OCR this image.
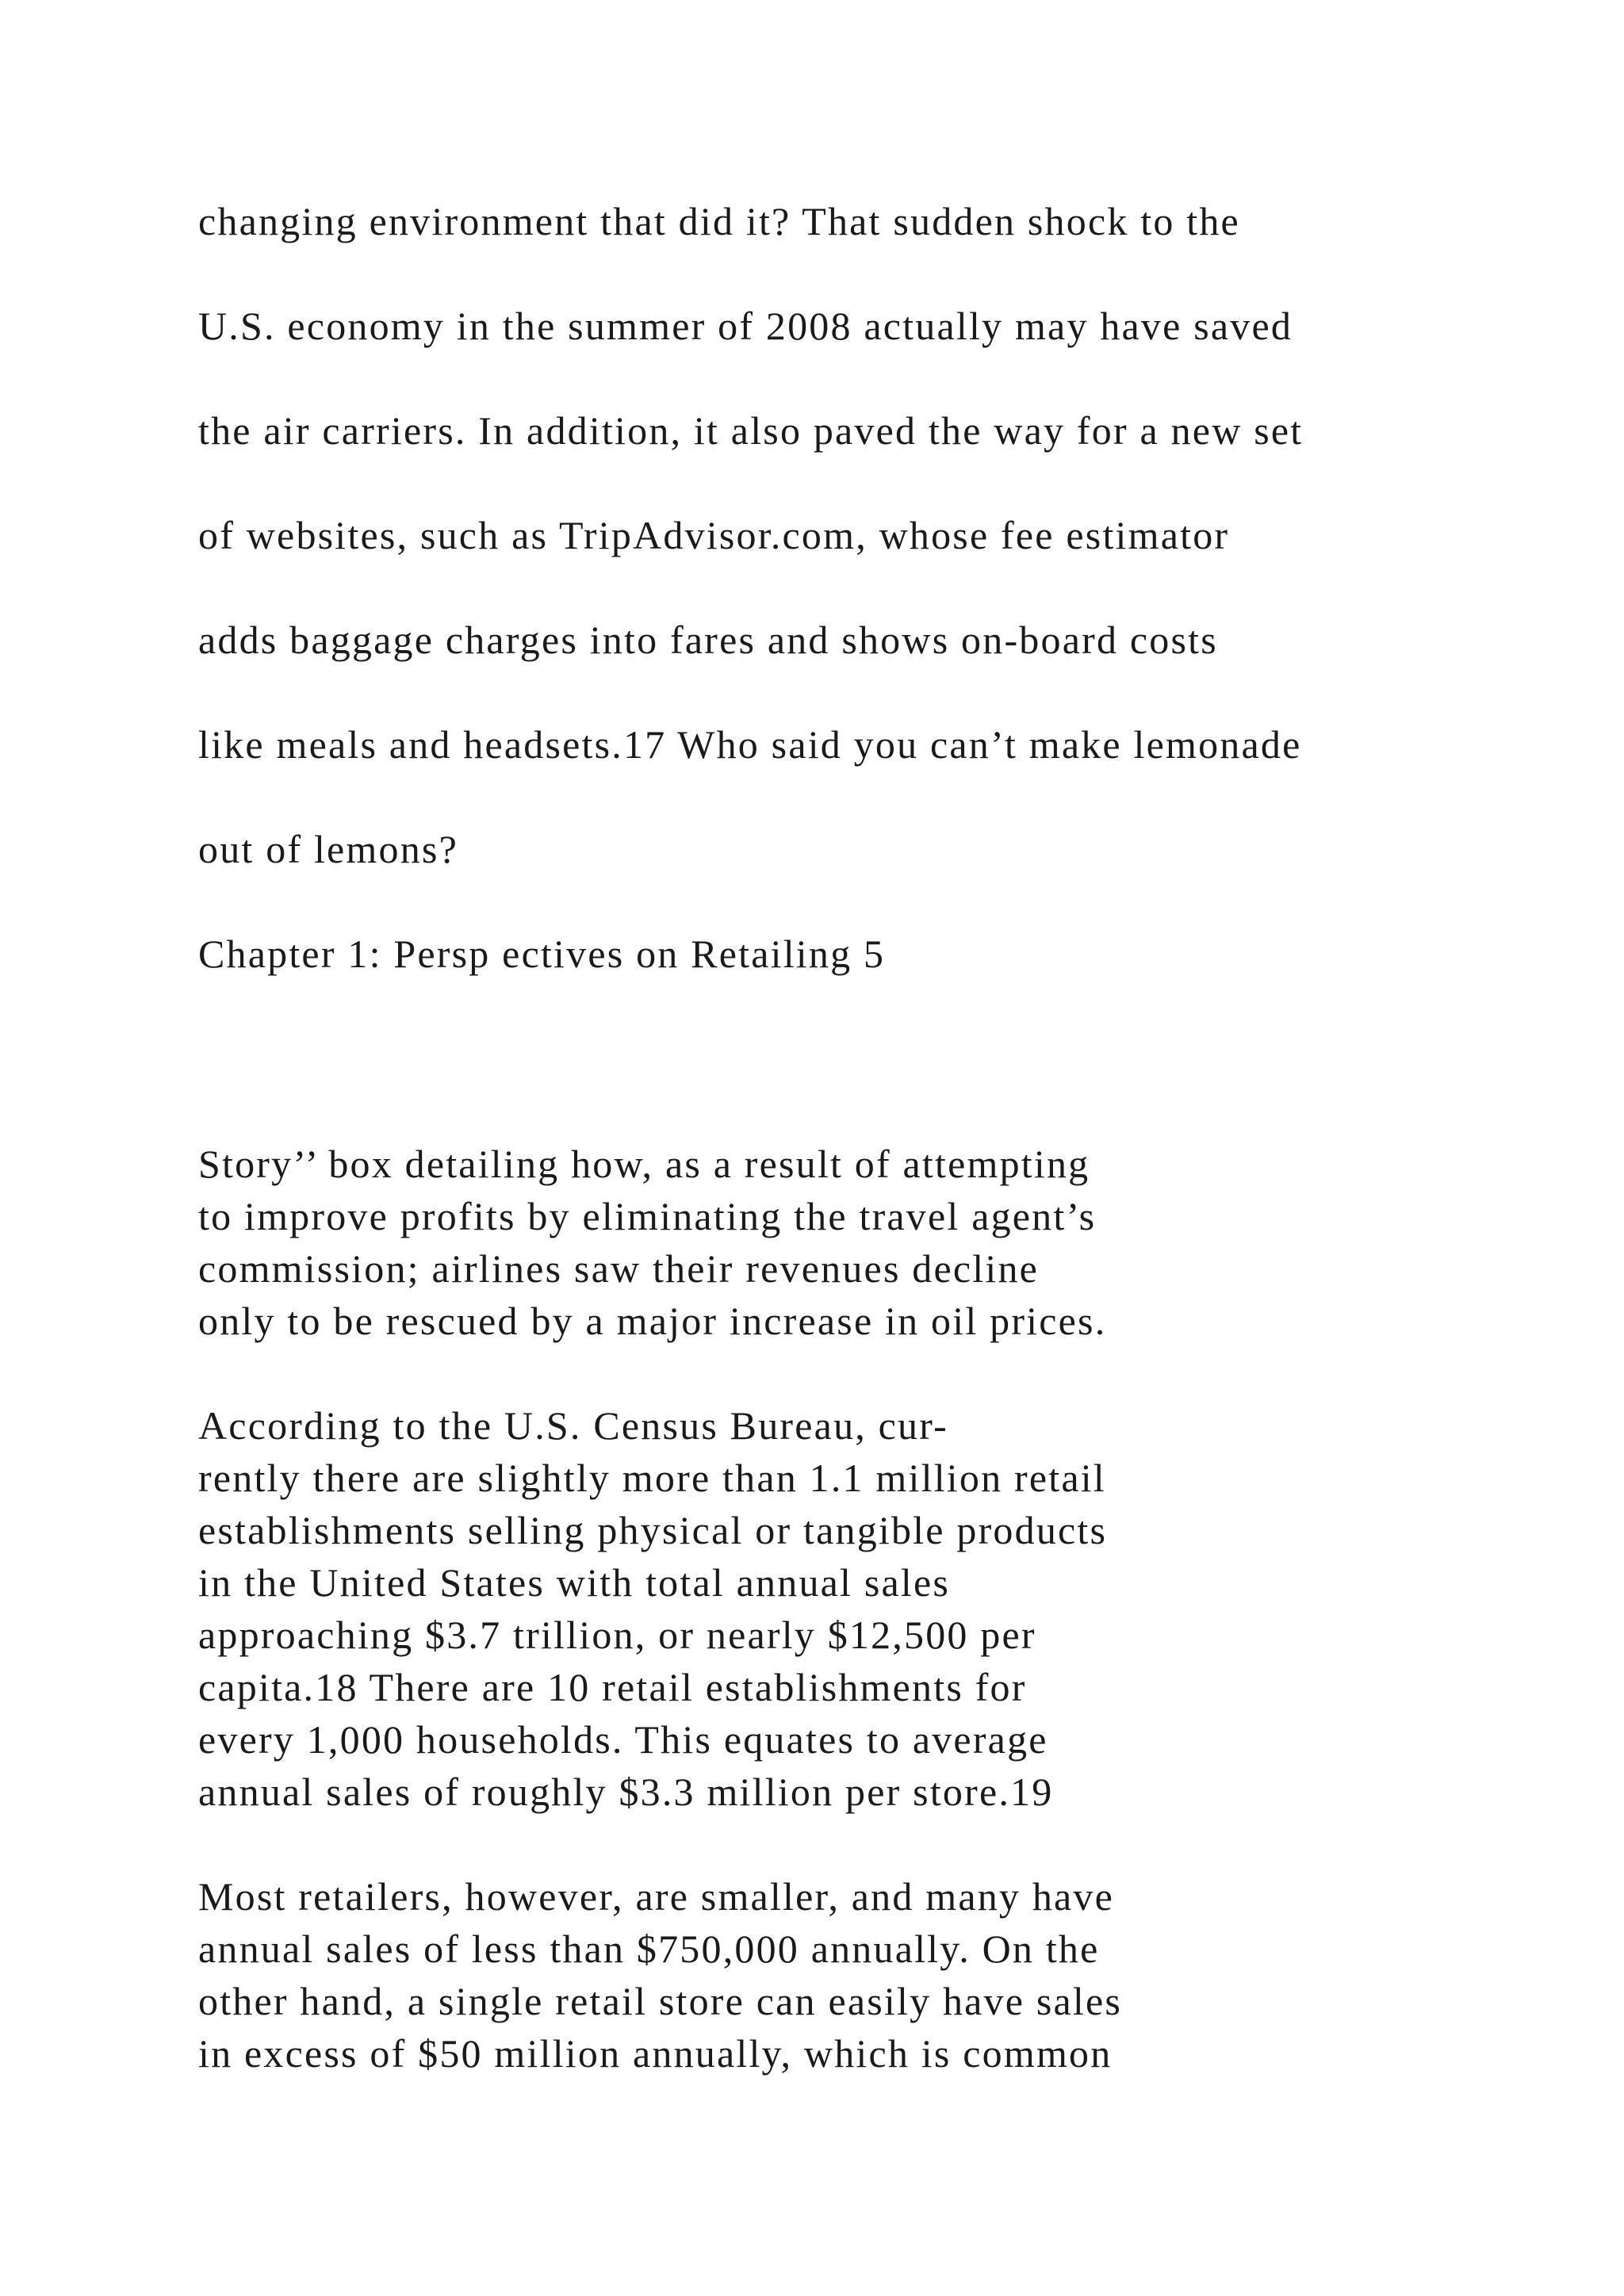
changing environment that did it? That sudden shock to the
U.S. economy in the summer of 2008 actually may have saved
the air carriers. In addition, it also paved the way for a new set
of websites, such as TripAdvisor.com, whose fee estimator
adds baggage charges into fares and shows on-board costs
like meals and headsets.17 Who said you can’t make lemonade
out of lemons?
Chapter 1: Persp ectives on Retailing 5
Story’’ box detailing how, as a result of attempting
to improve profits by eliminating the travel agent’s
commission; airlines saw their revenues decline
only to be rescued by a major increase in oil prices.
According to the U.S. Census Bureau, cur-
rently there are slightly more than 1.1 million retail
establishments selling physical or tangible products
in the United States with total annual sales
approaching $3.7 trillion, or nearly $12,500 per
capita.18 There are 10 retail establishments for
every 1,000 households. This equates to average
annual sales of roughly $3.3 million per store.19
Most retailers, however, are smaller, and many have
annual sales of less than $750,000 annually. On the
other hand, a single retail store can easily have sales
in excess of $50 million annually, which is common
